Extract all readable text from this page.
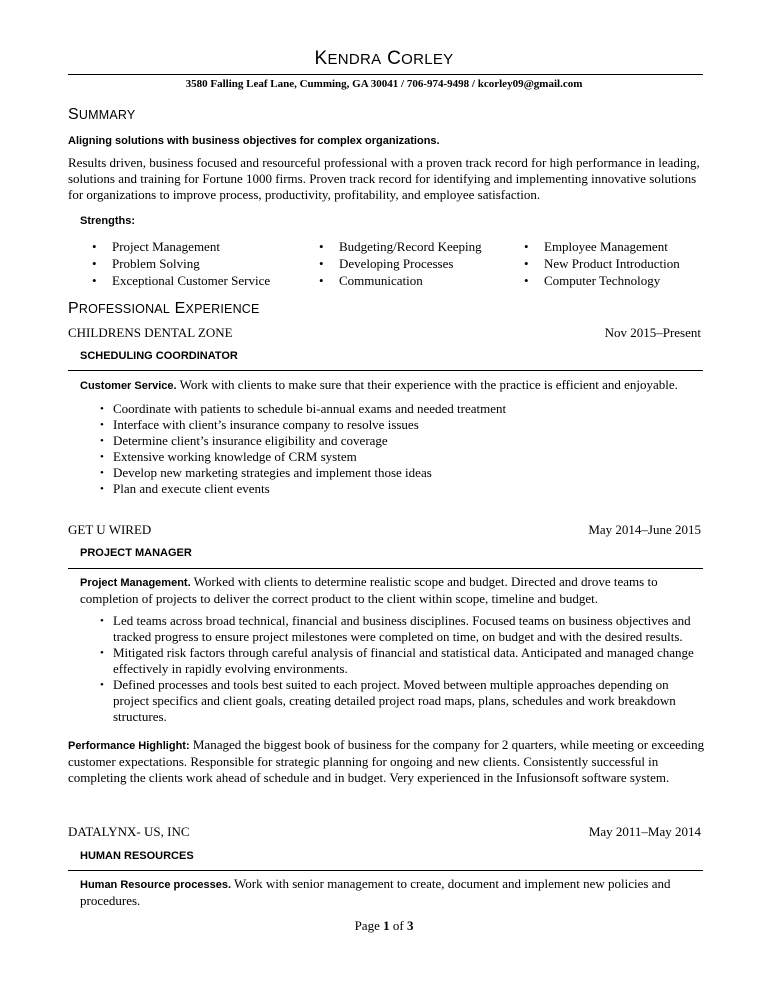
KENDRA CORLEY
3580 Falling Leaf Lane, Cumming, GA 30041 / 706-974-9498 / kcorley09@gmail.com
SUMMARY
Aligning solutions with business objectives for complex organizations.
Results driven, business focused and resourceful professional with a proven track record for high performance in leading, solutions and training for Fortune 1000 firms. Proven track record for identifying and implementing innovative solutions for organizations to improve process, productivity, profitability, and employee satisfaction.
Strengths:
• Project Management
• Problem Solving
• Exceptional Customer Service
• Budgeting/Record Keeping
• Developing Processes
• Communication
• Employee Management
• New Product Introduction
• Computer Technology
PROFESSIONAL EXPERIENCE
CHILDRENS DENTAL ZONE	Nov 2015–Present
SCHEDULING COORDINATOR
Customer Service. Work with clients to make sure that their experience with the practice is efficient and enjoyable.
• Coordinate with patients to schedule bi-annual exams and needed treatment
• Interface with client’s insurance company to resolve issues
• Determine client’s insurance eligibility and coverage
• Extensive working knowledge of CRM system
• Develop new marketing strategies and implement those ideas
• Plan and execute client events
GET U WIRED	May 2014–June 2015
PROJECT MANAGER
Project Management. Worked with clients to determine realistic scope and budget. Directed and drove teams to completion of projects to deliver the correct product to the client within scope, timeline and budget.
• Led teams across broad technical, financial and business disciplines. Focused teams on business objectives and tracked progress to ensure project milestones were completed on time, on budget and with the desired results.
• Mitigated risk factors through careful analysis of financial and statistical data. Anticipated and managed change effectively in rapidly evolving environments.
• Defined processes and tools best suited to each project. Moved between multiple approaches depending on project specifics and client goals, creating detailed project road maps, plans, schedules and work breakdown structures.
Performance Highlight: Managed the biggest book of business for the company for 2 quarters, while meeting or exceeding customer expectations. Responsible for strategic planning for ongoing and new clients. Consistently successful in completing the clients work ahead of schedule and in budget. Very experienced in the Infusionsoft software system.
DATALYNX- US, INC	May 2011–May 2014
HUMAN RESOURCES
Human Resource processes. Work with senior management to create, document and implement new policies and procedures.
Page 1 of 3
